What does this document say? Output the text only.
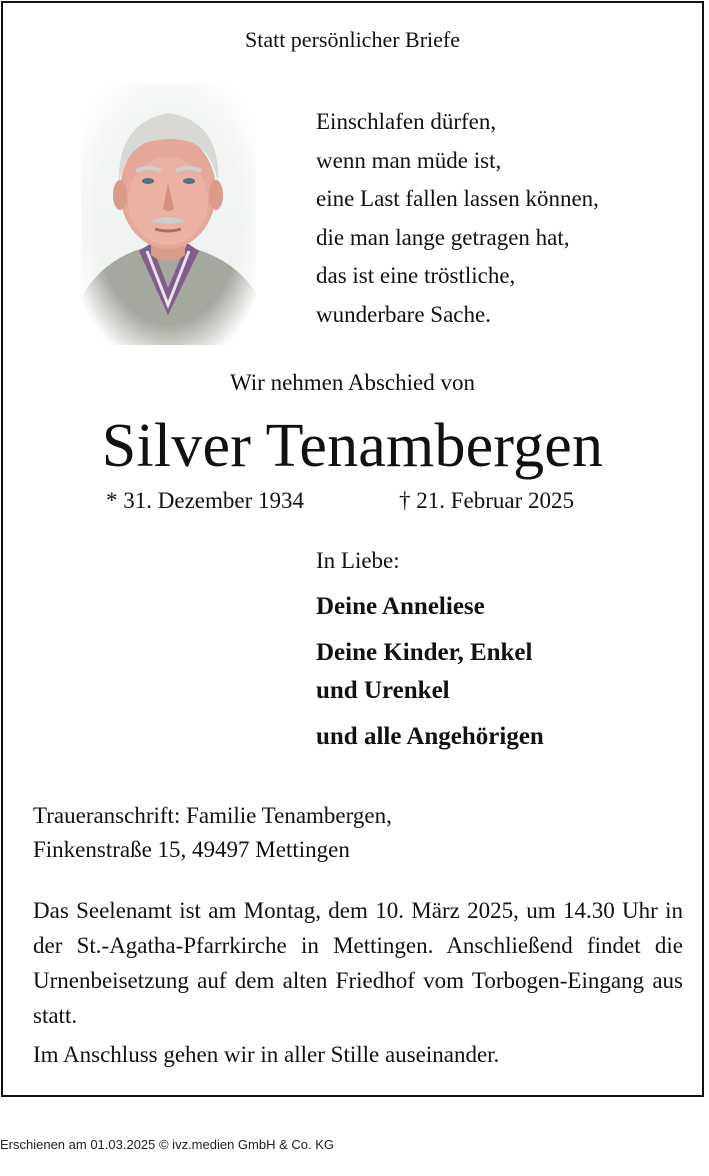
Statt persönlicher Briefe
Einschlafen dürfen,
wenn man müde ist,
eine Last fallen lassen können,
die man lange getragen hat,
das ist eine tröstliche,
wunderbare Sache.
Wir nehmen Abschied von
Silver Tenambergen
* 31. Dezember 1934	† 21. Februar 2025
In Liebe:
Deine Anneliese
Deine Kinder, Enkel
und Urenkel
und alle Angehörigen
Traueranschrift: Familie Tenambergen,
Finkenstraße 15, 49497 Mettingen

Das Seelenamt ist am Montag, dem 10. März 2025, um 14.30 Uhr in der St.-Agatha-Pfarrkirche in Mettingen. Anschließend findet die Urnenbeisetzung auf dem alten Friedhof vom Torbogen-Eingang aus statt.

Im Anschluss gehen wir in aller Stille auseinander.
Erschienen am 01.03.2025 © ivz.medien GmbH & Co. KG
